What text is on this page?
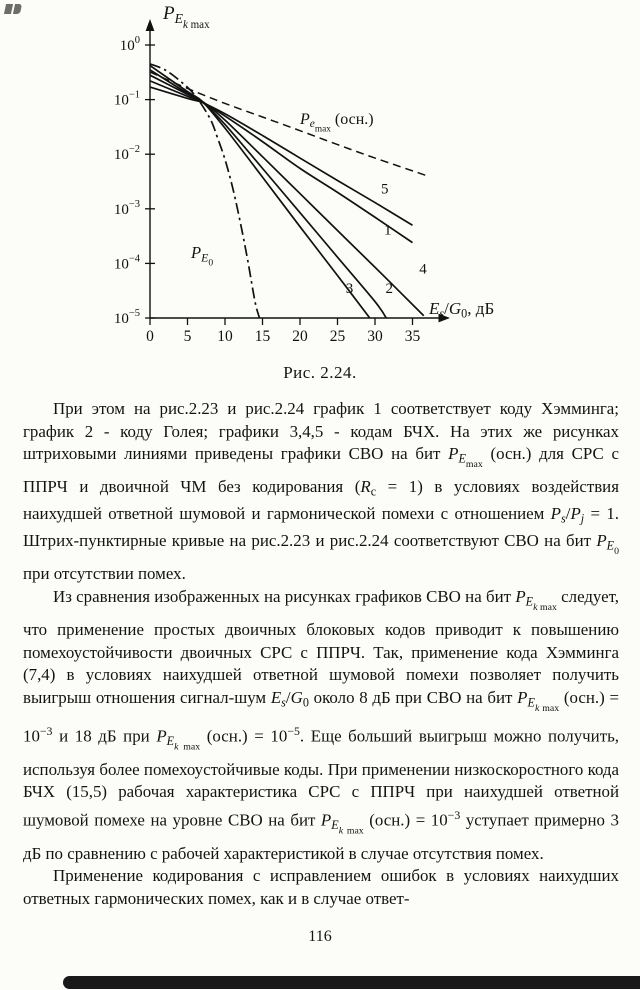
$10^0$
$10^{-1}$
$10^{-2}$
$10^{-3}$
$10^{-4}$
$10^{-5}$
0 5 10 15 20 25 30 35
1
2
3
4
5
$P_{Ek}$ $_{max}$
$E_s/G_0$, дБ
$P_{emax}$ (осн.)
$P_{E0}$
Рис. 2.24.

При этом на рис.2.23 и рис.2.24 график 1 соответствует коду Хэмминга; график 2 - коду Голея; графики 3,4,5 - кодам БЧХ. На этих же рисунках штриховыми линиями приведены графики СВО на бит $P_{Emax}$ (осн.) для СРС с ППРЧ и двоичной ЧМ без кодирования $(R_с = 1)$ в условиях воздействия наихудшей ответной шумовой и гармонической помехи с отношением $P_s/P_j = 1$. Штрих-пунктирные кривые на рис.2.23 и рис.2.24 соответствуют СВО на бит $P_{E0}$ при отсутствии помех.

Из сравнения изображенных на рисунках графиков СВО на бит $P_{Ek}$ $_{max}$ следует, что применение простых двоичных блоковых кодов приводит к повышению помехоустойчивости двоичных СРС с ППРЧ. Так, применение кода Хэмминга (7,4) в условиях наихудшей ответной шумовой помехи позволяет получить выигрыш отношения сигнал-шум $E_s/G_0$ около 8 дБ при СВО на бит $P_{Ek}$ $_{max}$ $(осн.) = 10^{-3}$ и 18 дБ при $P_{Ek}$ $_{max}$ $(осн.) = 10^{-5}$. Еще больший выигрыш можно получить, используя более помехоустойчивые коды. При применении низкоскоростного кода БЧХ (15,5) рабочая характеристика СРС с ППРЧ при наихудшей ответной шумовой помехе на уровне СВО на бит $P_{Ek}$ $_{max}$ $(осн.) = 10^{-3}$ уступает примерно 3 дБ по сравнению с рабочей характеристикой в случае отсутствия помех.

Применение кодирования с исправлением ошибок в условиях наихудших ответных гармонических помех, как и в случае ответ-

116
